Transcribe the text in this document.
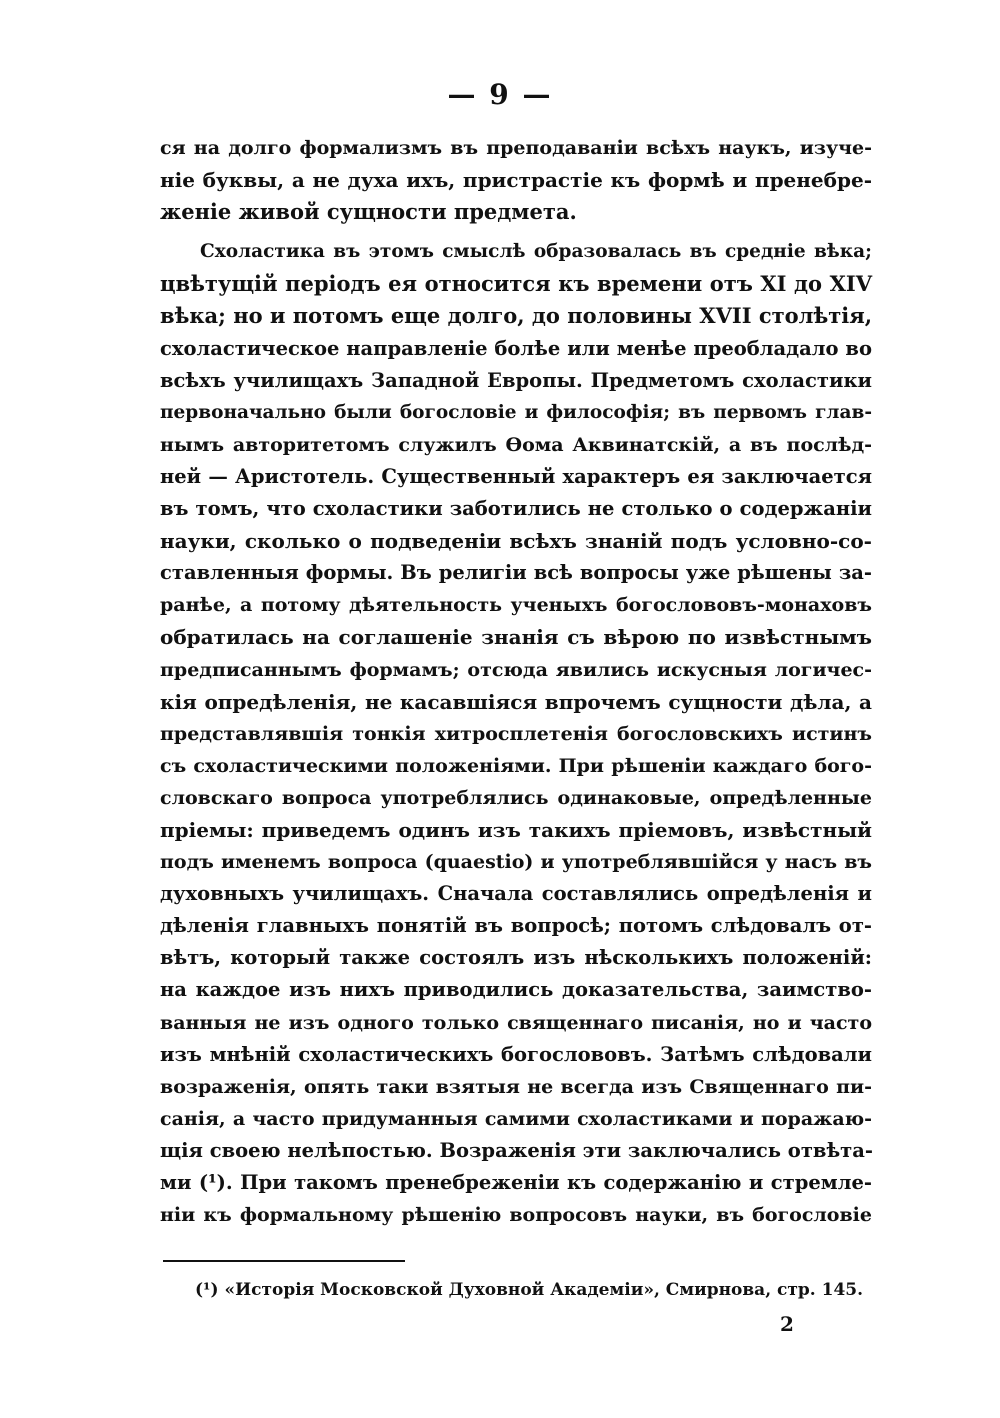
— 9 —
ся на долго формализмъ въ преподаваніи всѣхъ наукъ, изуче-
ніе буквы, а не духа ихъ, пристрастіе къ формѣ и пренебре-
женіе живой сущности предмета.
Схоластика въ этомъ смыслѣ образовалась въ средніе вѣка;
цвѣтущій періодъ ея относится къ времени отъ XI до XIV
вѣка; но и потомъ еще долго, до половины XVII столѣтія,
схоластическое направленіе болѣе или менѣе преобладало во
всѣхъ училищахъ Западной Европы. Предметомъ схоластики
первоначально были богословіе и философія; въ первомъ глав-
нымъ авторитетомъ служилъ Ѳома Аквинатскій, а въ послѣд-
ней — Аристотель. Существенный характеръ ея заключается
въ томъ, что схоластики заботились не столько о содержаніи
науки, сколько о подведеніи всѣхъ знаній подъ условно-со-
ставленныя формы. Въ религіи всѣ вопросы уже рѣшены за-
ранѣе, а потому дѣятельность ученыхъ богослововъ-монаховъ
обратилась на соглашеніе знанія съ вѣрою по извѣстнымъ
предписаннымъ формамъ; отсюда явились искусныя логичес-
кія опредѣленія, не касавшіяся впрочемъ сущности дѣла, а
представлявшія тонкія хитросплетенія богословскихъ истинъ
съ схоластическими положеніями. При рѣшеніи каждаго бого-
словскаго вопроса употреблялись одинаковые, опредѣленные
пріемы: приведемъ одинъ изъ такихъ пріемовъ, извѣстный
подъ именемъ вопроса (quaestio) и употреблявшійся у насъ въ
духовныхъ училищахъ. Сначала составлялись опредѣленія и
дѣленія главныхъ понятій въ вопросѣ; потомъ слѣдовалъ от-
вѣтъ, который также состоялъ изъ нѣсколькихъ положеній:
на каждое изъ нихъ приводились доказательства, заимство-
ванныя не изъ одного только священнаго писанія, но и часто
изъ мнѣній схоластическихъ богослововъ. Затѣмъ слѣдовали
возраженія, опять таки взятыя не всегда изъ Священнаго пи-
санія, а часто придуманныя самими схоластиками и поражаю-
щія своею нелѣпостью. Возраженія эти заключались отвѣта-
ми (¹). При такомъ пренебреженіи къ содержанію и стремле-
ніи къ формальному рѣшенію вопросовъ науки, въ богословіе
(¹) «Исторія Московской Духовной Академіи», Смирнова, стр. 145.
2
